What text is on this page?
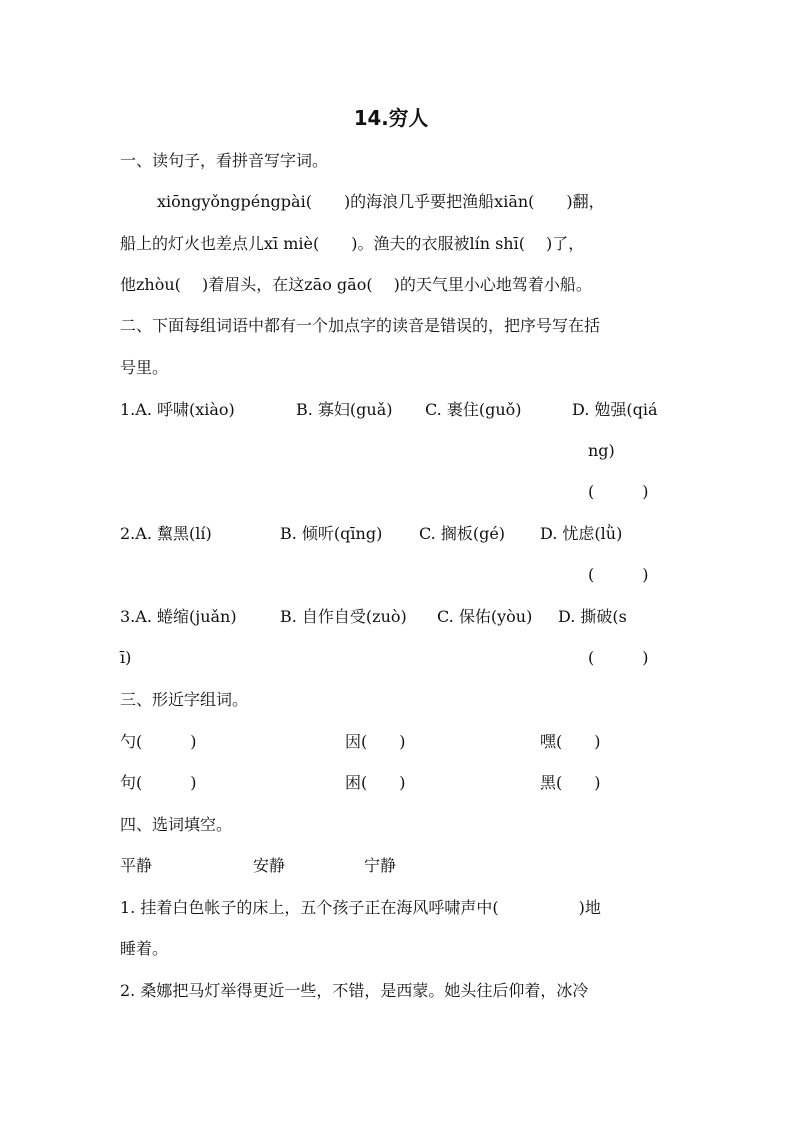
14.穷人
一、读句子，看拼音写字词。
xiōngyǒngpéngpài(　　)的海浪几乎要把渔船xiān(　　)翻，
船上的灯火也差点儿xī miè(　　)。渔夫的衣服被lín shī(　 )了，
他zhòu(　 )着眉头，在这zāo gāo(　 )的天气里小心地驾着小船。
二、下面每组词语中都有一个加点字的读音是错误的，把序号写在括
号里。
1.A. 呼啸(xiào)	B. 寡妇(guǎ) C. 裹住(guǒ)	D. 勉强(qiá
ng)
(　　　)
2.A. 黧黑(lí)	B. 倾听(qīng) C. 搁板(gé) D. 忧虑(lǜ)
(　　　)
3.A. 蜷缩(juǎn)	B. 自作自受(zuò) C. 保佑(yòu) D. 撕破(s
ī)	(　　　)
三、形近字组词。
勺(　　　)	因(　　)	嘿(　　)
句(　　　)	困(　　)	黑(　　)
四、选词填空。
平静	安静	宁静
1. 挂着白色帐子的床上，五个孩子正在海风呼啸声中(　　　　　)地
睡着。
2. 桑娜把马灯举得更近一些，不错，是西蒙。她头往后仰着，冰冷
